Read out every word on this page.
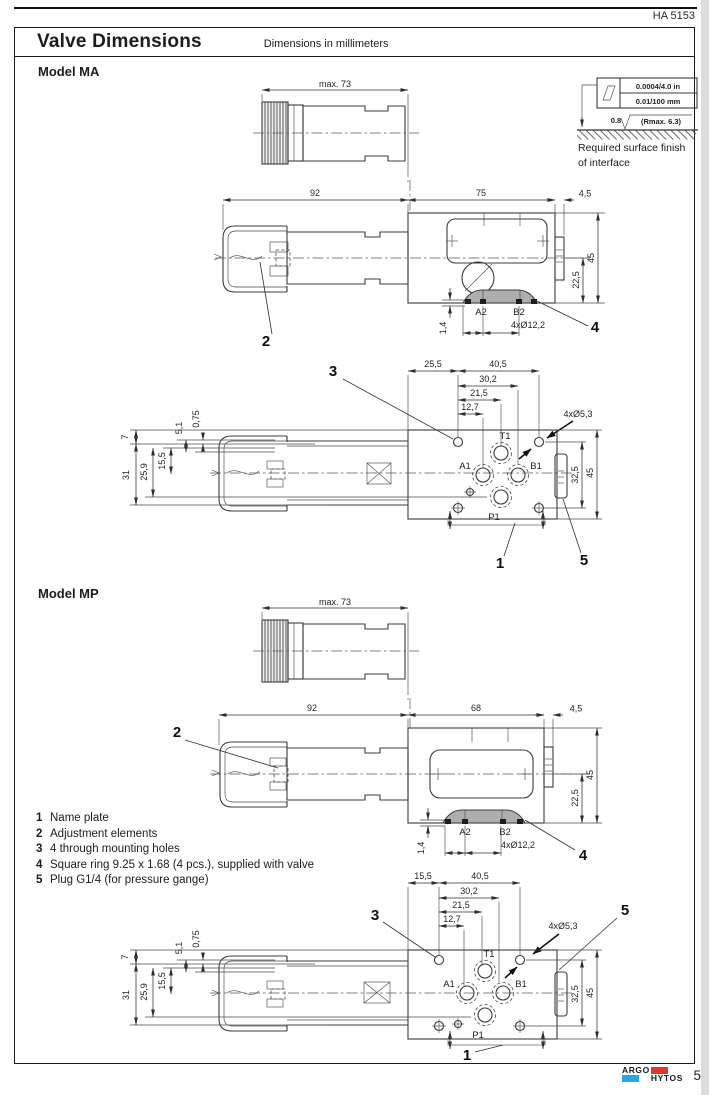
HA 5153
Valve Dimensions	Dimensions in millimeters
Model MA
Model MP
0.0004/4.0 in
0.01/100 mm
0.8	(Rmax. 6.3)
Required surface finish
of interface
max. 73
92	75	4,5
22,5
45
1,4
A2	B2
4xØ12,2
2
4
25,5	40,5
30,2
21,5
12,7
4xØ5,3
T1
A1	B1
P1
32,5 45
7
31 25,9
15,5
5,1
0,75
3
1	5
max. 73
92	68	4,5
22,5
45
1,4
A2	B2
4xØ12,2
2
4
1 Name plate
2 Adjustment elements
3 4 through mounting holes
4 Square ring 9.25 x 1.68 (4 pcs.), supplied with valve
5 Plug G1/4 (for pressure gange)	15,5	40,5
30,2
21,5
12,7
4xØ5,3
T1
A1	B1
P1
32,5 45
7
31 25,9
15,5
5,1
0,75
3	5
1
ARGO
HYTOS 5
